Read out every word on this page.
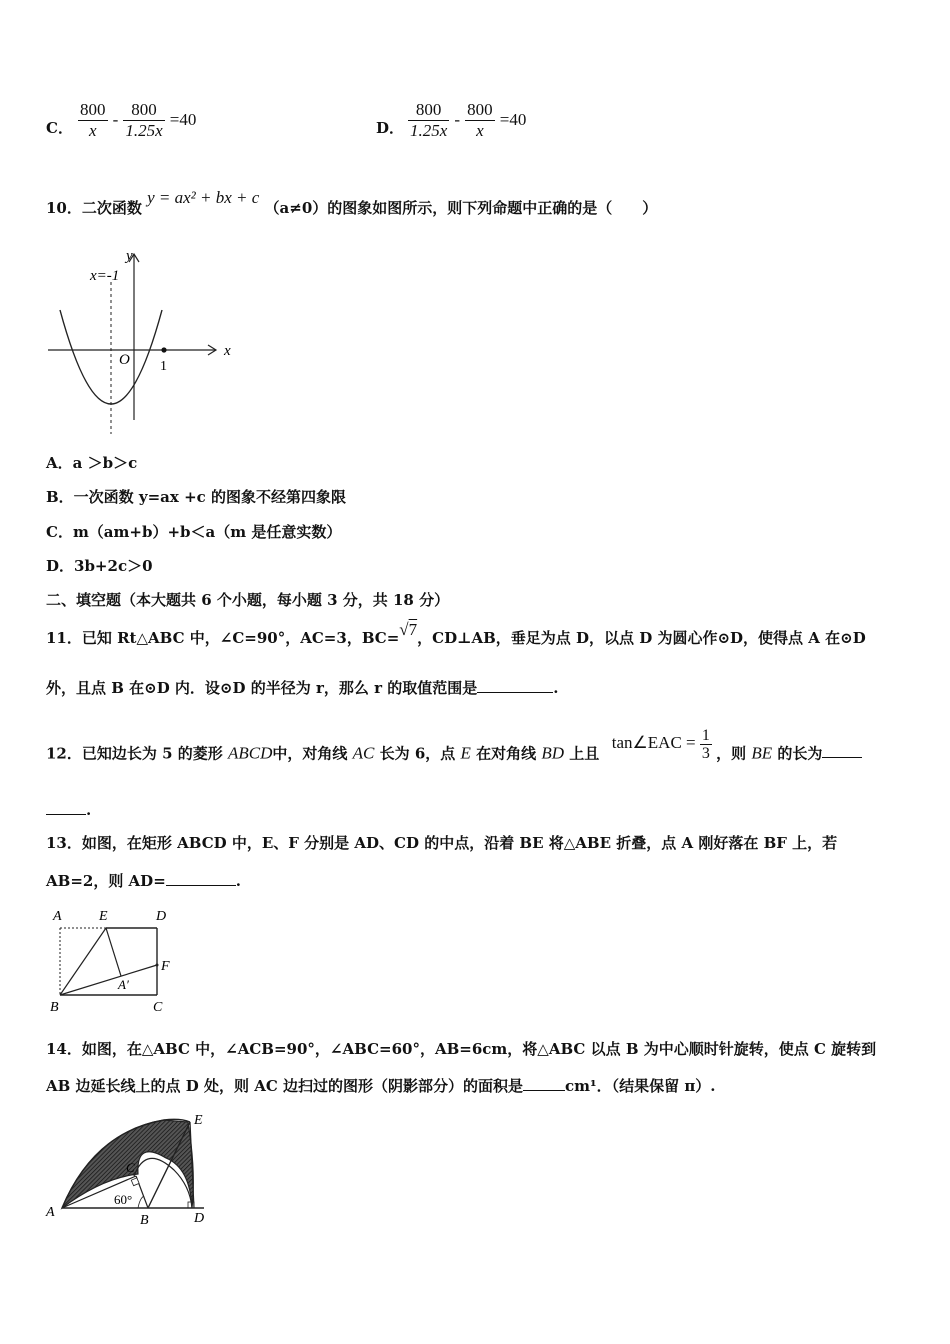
C． $\frac{800}{x} - \frac{800}{1.25x} =40$	D． $\frac{800}{1.25x} - \frac{800}{x} =40$
10．二次函数 y = ax² + bx + c （a≠0）的图象如图所示，则下列命题中正确的是（　　）
x=-1
y
x
O 1
A．a ＞b＞c
B．一次函数 y=ax +c 的图象不经第四象限
C．m（am+b）+b＜a（m 是任意实数）
D．3b+2c＞0
二、填空题（本大题共 6 个小题，每小题 3 分，共 18 分）
11．已知 Rt△ABC 中，∠C=90°，AC=3，BC=√7，CD⊥AB，垂足为点 D，以点 D 为圆心作⊙D，使得点 A 在⊙D
外，且点 B 在⊙D 内．设⊙D 的半径为 r，那么 r 的取值范围是	.
12．已知边长为 5 的菱形 ABCD中，对角线 AC 长为 6，点 E 在对角线 BD 上且  tan∠EAC = $\frac{1}{3}$ ，则 BE 的长为
.
13．如图，在矩形 ABCD 中，E、F 分别是 AD、CD 的中点，沿着 BE 将△ABE 折叠，点 A 刚好落在 BF 上，若
AB=2，则 AD=	.
A	E	D
F
A′
B	C
14．如图，在△ABC 中，∠ACB=90°，∠ABC=60°，AB=6cm，将△ABC 以点 B 为中心顺时针旋转，使点 C 旋转到
AB 边延长线上的点 D 处，则 AC 边扫过的图形（阴影部分）的面积是	cm¹．（结果保留 π）.
A
B
C
D
E
60°
